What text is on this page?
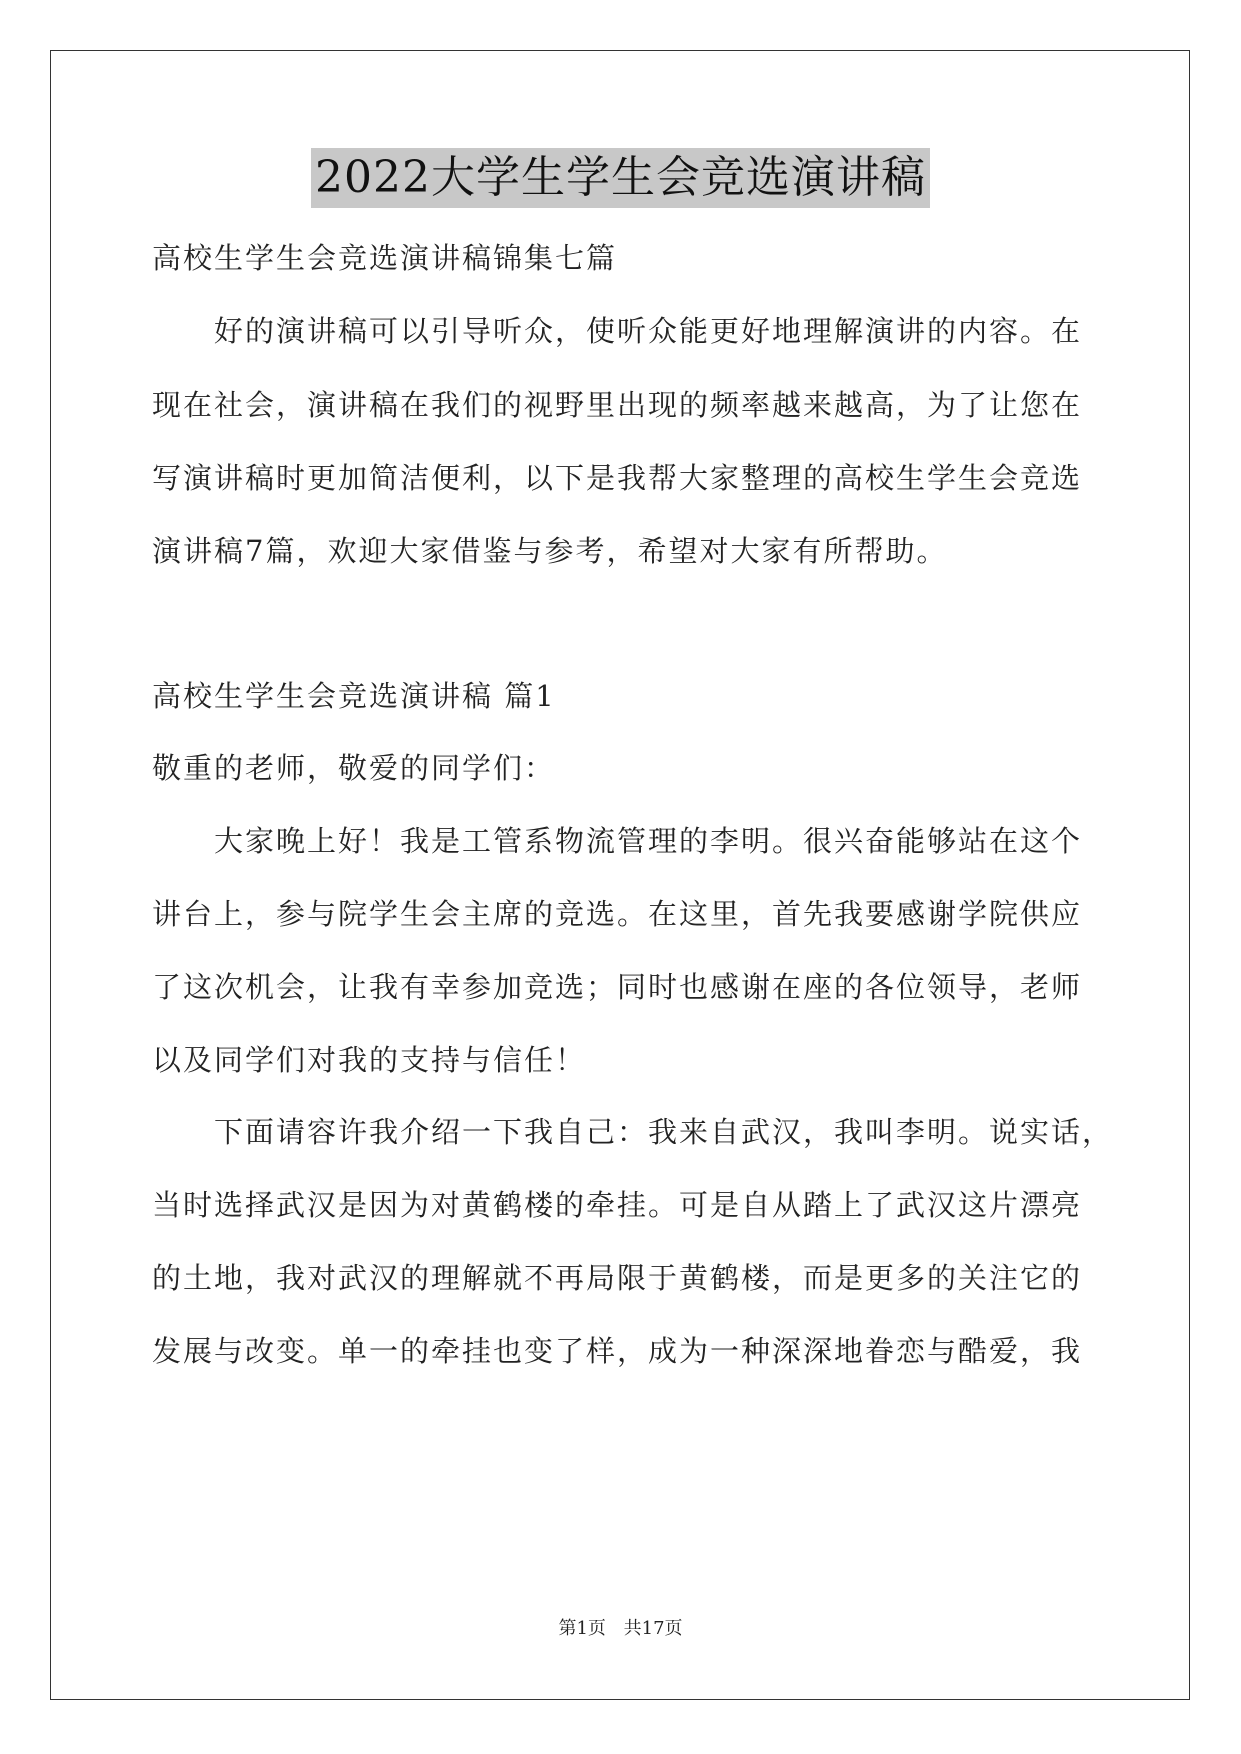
2022大学生学生会竞选演讲稿
高校生学生会竞选演讲稿锦集七篇
好的演讲稿可以引导听众，使听众能更好地理解演讲的内容。在
现在社会，演讲稿在我们的视野里出现的频率越来越高，为了让您在
写演讲稿时更加简洁便利，以下是我帮大家整理的高校生学生会竞选
演讲稿7篇，欢迎大家借鉴与参考，希望对大家有所帮助。
高校生学生会竞选演讲稿 篇1
敬重的老师，敬爱的同学们：
大家晚上好！我是工管系物流管理的李明。很兴奋能够站在这个
讲台上，参与院学生会主席的竞选。在这里，首先我要感谢学院供应
了这次机会，让我有幸参加竞选；同时也感谢在座的各位领导，老师
以及同学们对我的支持与信任！
下面请容许我介绍一下我自己：我来自武汉，我叫李明。说实话，
当时选择武汉是因为对黄鹤楼的牵挂。可是自从踏上了武汉这片漂亮
的土地，我对武汉的理解就不再局限于黄鹤楼，而是更多的关注它的
发展与改变。单一的牵挂也变了样，成为一种深深地眷恋与酷爱，我
第1页 共17页
